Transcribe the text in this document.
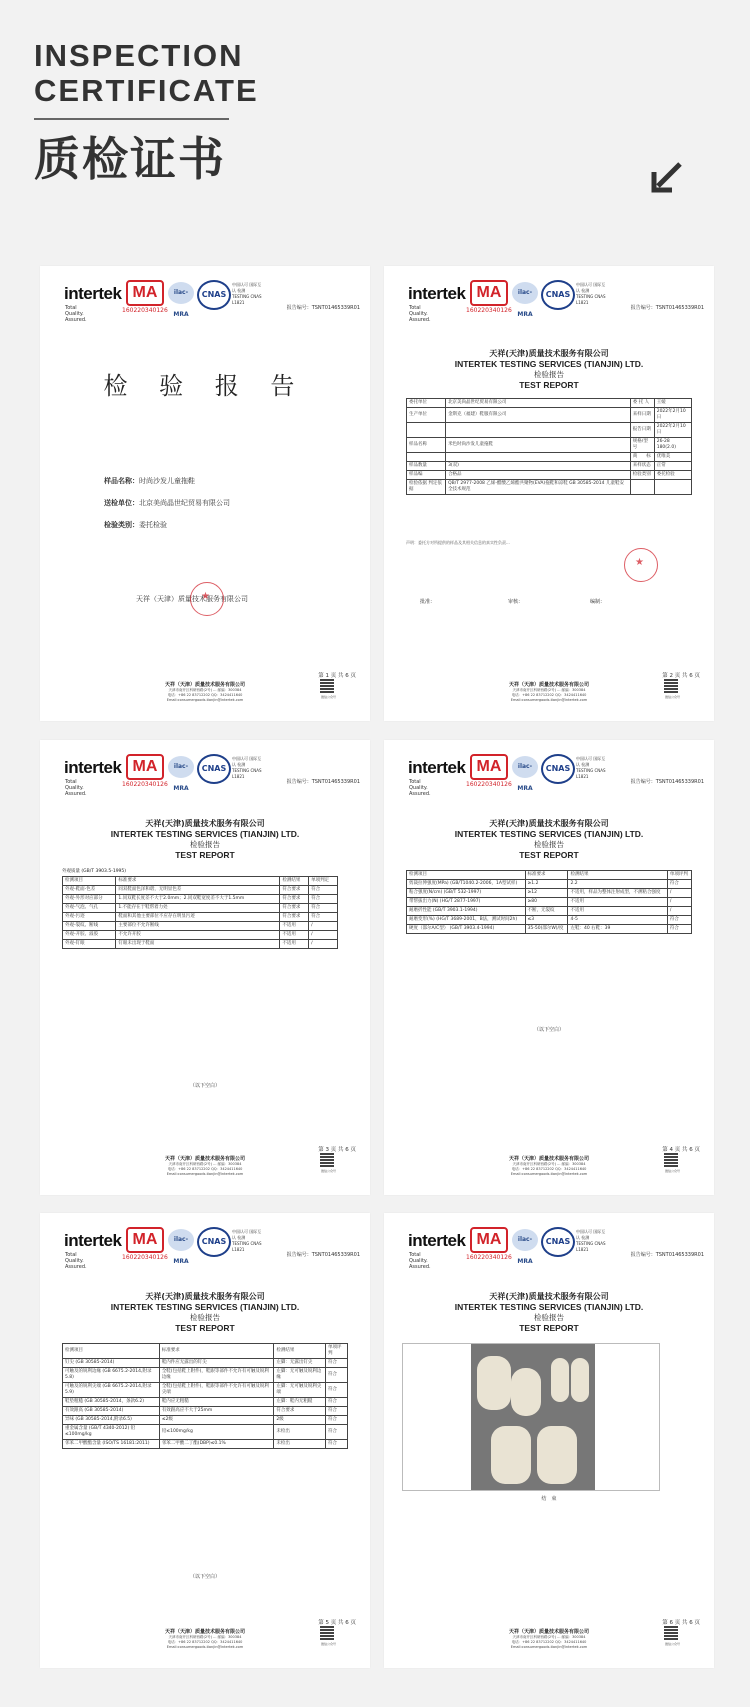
INSPECTION
CERTIFICATE
质检证书
检 验 报 告
样品名称：时尚沙发儿童拖鞋
送检单位：北京美尚晶世纪贸易有限公司
检验类别：委托检验
天祥（天津）质量技术服务有限公司
★
第 1 页 共 6 页
intertek
Total Quality. Assured.
MA
160220340126
ilac-MRA
CNAS
中国认可 国际互认 检测 TESTING CNAS L1821
报告编号：TSNT01465339R01
天祥（天津）质量技术服务有限公司
天津市南开区科研西路(2号) ... 邮编：300384
电话：+86 22 83712202 QQ：3424411640
Email:consumergoods.tianjin@intertek.com
微信公众号
天祥(天津)质量技术服务有限公司
INTERTEK TESTING SERVICES (TIANJIN) LTD.
检验报告
TEST REPORT
委托单位	北京美尚晶世纪贸易有限公司	委 托 人	王媛
生产单位	金斯克（福建）鞋服有限公司	来样日期	2022年2月10日
		报告日期	2022年2月10日
样品名称	米色时尚沙发儿童拖鞋	规格/型号	26-28 180(2.0)
		商　　标	优唯美
样品数量	3(双)	来样状态	正常
样品编	合格品	检验类别	委托检验
检验依据 判定依据	QB/T 2977-2008 乙烯-醋酸乙烯酯共聚物(EVA)拖鞋和凉鞋 GB 30585-2014 儿童鞋安全技术规范		
声明：委托方对所提供的样品及其相关信息的真实性负责...
★
批准：	审核：	编制：
第 2 页 共 6 页
intertek
Total Quality. Assured.
MA
160220340126
ilac-MRA
CNAS
中国认可 国际互认 检测 TESTING CNAS L1821
报告编号：TSNT01465339R01
天祥（天津）质量技术服务有限公司
天津市南开区科研西路(2号) ... 邮编：300384
电话：+86 22 83712202 QQ：3424411640
Email:consumergoods.tianjin@intertek.com
微信公众号
天祥(天津)质量技术服务有限公司
INTERTEK TESTING SERVICES (TIANJIN) LTD.
检验报告
TEST REPORT
外观质量 (GB/T 3903.5-1995)
检测项目	标准要求	检测结果	单项判定
外观-鞋面-色差	同双鞋面色泽和谐，无明显色差	符合要求	符合
外观-外形对应部分	1.同双鞋长度差不大于2.0mm；2.同双鞋宽度差不大于1.5mm	符合要求	符合
外观-气泡、气孔	1.不能存在于鞋帮着力处	符合要求	符合
外观-污迹	鞋面和其他主要部位不应存在明显污迹	符合要求	符合
外观-裂纹、断线	主要部位不允许断线	不适用	/
外观-开胶、溢胶	不允许开胶	不适用	/
外观-钉眼	钉眼未出现于鞋面	不适用	/
（以下空白）
第 3 页 共 6 页
intertek
Total Quality. Assured.
MA
160220340126
ilac-MRA
CNAS
中国认可 国际互认 检测 TESTING CNAS L1821
报告编号：TSNT01465339R01
天祥（天津）质量技术服务有限公司
天津市南开区科研西路(2号) ... 邮编：300384
电话：+86 22 83712202 QQ：3424411640
Email:consumergoods.tianjin@intertek.com
微信公众号
天祥(天津)质量技术服务有限公司
INTERTEK TESTING SERVICES (TIANJIN) LTD.
检验报告
TEST REPORT
检测项目	标准要求	检测结果	单项评判
剪裁拉伸强度(MPa) (GB/T1040.2-2006，1A型试样)	≥1.2	2.2	符合
粘合强度(N/cm) (GB/T 532-1997)	≥12	不适用，样品为整体注射成型，不测粘合强度	/
带帮拔出力(N) (HG/T 2877-1997)	≥80	不适用	/
耐磨折性能 (GB/T 3903.1-1994)	不断，无裂纹	不适用	/
耐磨变形(%) (HG/T 3689-2001，B法，测试时间2h)	≤3	4-5	符合
硬度（邵尔A/C型） (GB/T 3903.4-1994)	35-50(邵尔W)/度	左鞋：40 右鞋：39	符合
（以下空白）
第 4 页 共 6 页
intertek
Total Quality. Assured.
MA
160220340126
ilac-MRA
CNAS
中国认可 国际互认 检测 TESTING CNAS L1821
报告编号：TSNT01465339R01
天祥（天津）质量技术服务有限公司
天津市南开区科研西路(2号) ... 邮编：300384
电话：+86 22 83712202 QQ：3424411640
Email:consumergoods.tianjin@intertek.com
微信公众号
天祥(天津)质量技术服务有限公司
INTERTEK TESTING SERVICES (TIANJIN) LTD.
检验报告
TEST REPORT
检测项目	标准要求	检测结果	单项评判
钉尖 (GB 30585-2014)	鞋内件应无露出的钉尖	左脚：无露出钉尖	符合
可触及的锐利边缘 (GB 6675.2-2014,附录5.8)	全鞋(包括鞋上附件)，鞋跟等部件不允许有可触及锐利边缘	左脚：无可触及锐利边缘	符合
可触及的锐利尖端 (GB 6675.2-2014,附录5.9)	全鞋(包括鞋上附件)，鞋跟等部件不允许有可触及锐利尖端	左脚：无可触及锐利尖端	符合
鞋垫粗糙 (GB 30585-2014，条款6.2)	鞋内应无粗糙	左脚：鞋内无粗糙	符合
有效跟高 (GB 30585-2014)	有效跟高应不大于25mm	符合要求	符合
异味 (GB 30585-2014,附录6.5)	≤2级	2级	符合
重金属含量 (GB/T 4340-2012) 铅≤100mg/kg	铅≤100mg/kg	未检出	符合
邻苯二甲酸酯含量 (ISO/TS 16181:2011)	邻苯二甲酸二丁酯(DBP)≤0.1%	未检出	符合
（以下空白）
第 5 页 共 6 页
intertek
Total Quality. Assured.
MA
160220340126
ilac-MRA
CNAS
中国认可 国际互认 检测 TESTING CNAS L1821
报告编号：TSNT01465339R01
天祥（天津）质量技术服务有限公司
天津市南开区科研西路(2号) ... 邮编：300384
电话：+86 22 83712202 QQ：3424411640
Email:consumergoods.tianjin@intertek.com
微信公众号
天祥(天津)质量技术服务有限公司
INTERTEK TESTING SERVICES (TIANJIN) LTD.
检验报告
TEST REPORT
结　束
第 6 页 共 6 页
intertek
Total Quality. Assured.
MA
160220340126
ilac-MRA
CNAS
中国认可 国际互认 检测 TESTING CNAS L1821
报告编号：TSNT01465339R01
天祥（天津）质量技术服务有限公司
天津市南开区科研西路(2号) ... 邮编：300384
电话：+86 22 83712202 QQ：3424411640
Email:consumergoods.tianjin@intertek.com
微信公众号
